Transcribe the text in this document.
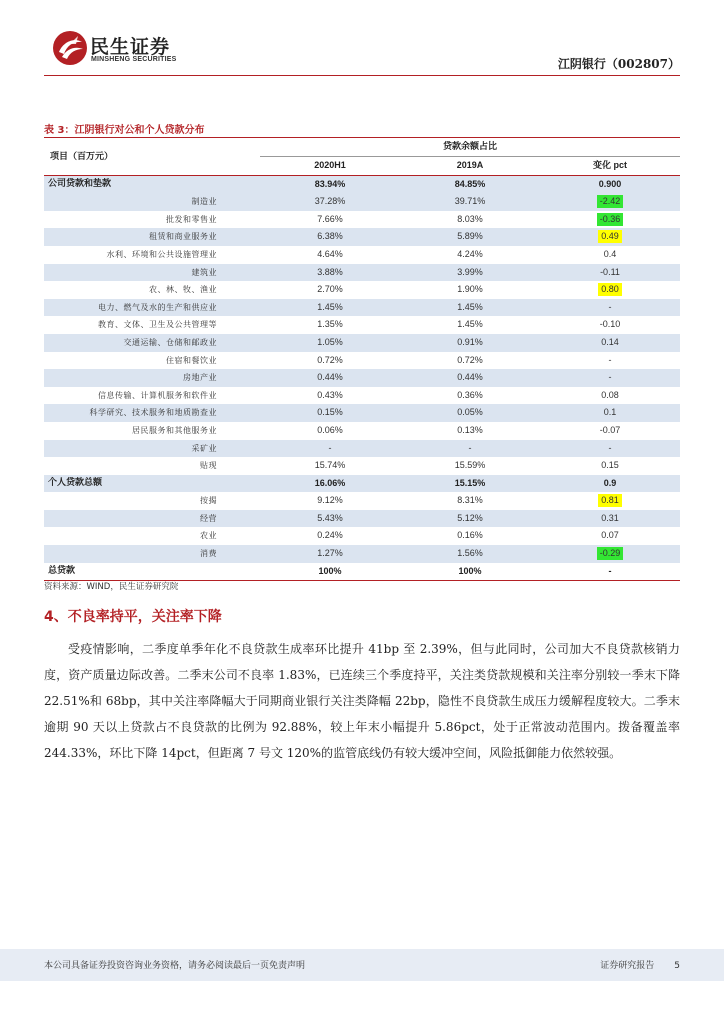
民生证券
MINSHENG SECURITIES	江阴银行（002807）
表 3：江阴银行对公和个人贷款分布
项目（百万元）	贷款余额占比		
	2020H1	2019A	变化 pct
公司贷款和垫款	83.94%	84.85%	0.900
制造业	37.28%	39.71%	-2.42
批发和零售业	7.66%	8.03%	-0.36
租赁和商业服务业	6.38%	5.89%	0.49
水利、环境和公共设施管理业	4.64%	4.24%	0.4
建筑业	3.88%	3.99%	-0.11
农、林、牧、渔业	2.70%	1.90%	0.80
电力、燃气及水的生产和供应业	1.45%	1.45%	-
教育、文体、卫生及公共管理等	1.35%	1.45%	-0.10
交通运输、仓储和邮政业	1.05%	0.91%	0.14
住宿和餐饮业	0.72%	0.72%	-
房地产业	0.44%	0.44%	-
信息传输、计算机服务和软件业	0.43%	0.36%	0.08
科学研究、技术服务和地质勘查业	0.15%	0.05%	0.1
居民服务和其他服务业	0.06%	0.13%	-0.07
采矿业	-	-	-
贴现	15.74%	15.59%	0.15
个人贷款总额	16.06%	15.15%	0.9
按揭	9.12%	8.31%	0.81
经营	5.43%	5.12%	0.31
农业	0.24%	0.16%	0.07
消费	1.27%	1.56%	-0.29
总贷款	100%	100%	-
资料来源：WIND，民生证券研究院
4、不良率持平，关注率下降

受疫情影响，二季度单季年化不良贷款生成率环比提升 41bp 至 2.39%，但与此同时，公司加大不良贷款核销力度，资产质量边际改善。二季末公司不良率 1.83%，已连续三个季度持平，关注类贷款规模和关注率分别较一季末下降 22.51%和 68bp，其中关注率降幅大于同期商业银行关注类降幅 22bp，隐性不良贷款生成压力缓解程度较大。二季末逾期 90 天以上贷款占不良贷款的比例为 92.88%，较上年末小幅提升 5.86pct，处于正常波动范围内。拨备覆盖率 244.33%，环比下降 14pct，但距离 7 号文 120%的监管底线仍有较大缓冲空间，风险抵御能力依然较强。

本公司具备证券投资咨询业务资格，请务必阅读最后一页免责声明	证券研究报告 5
